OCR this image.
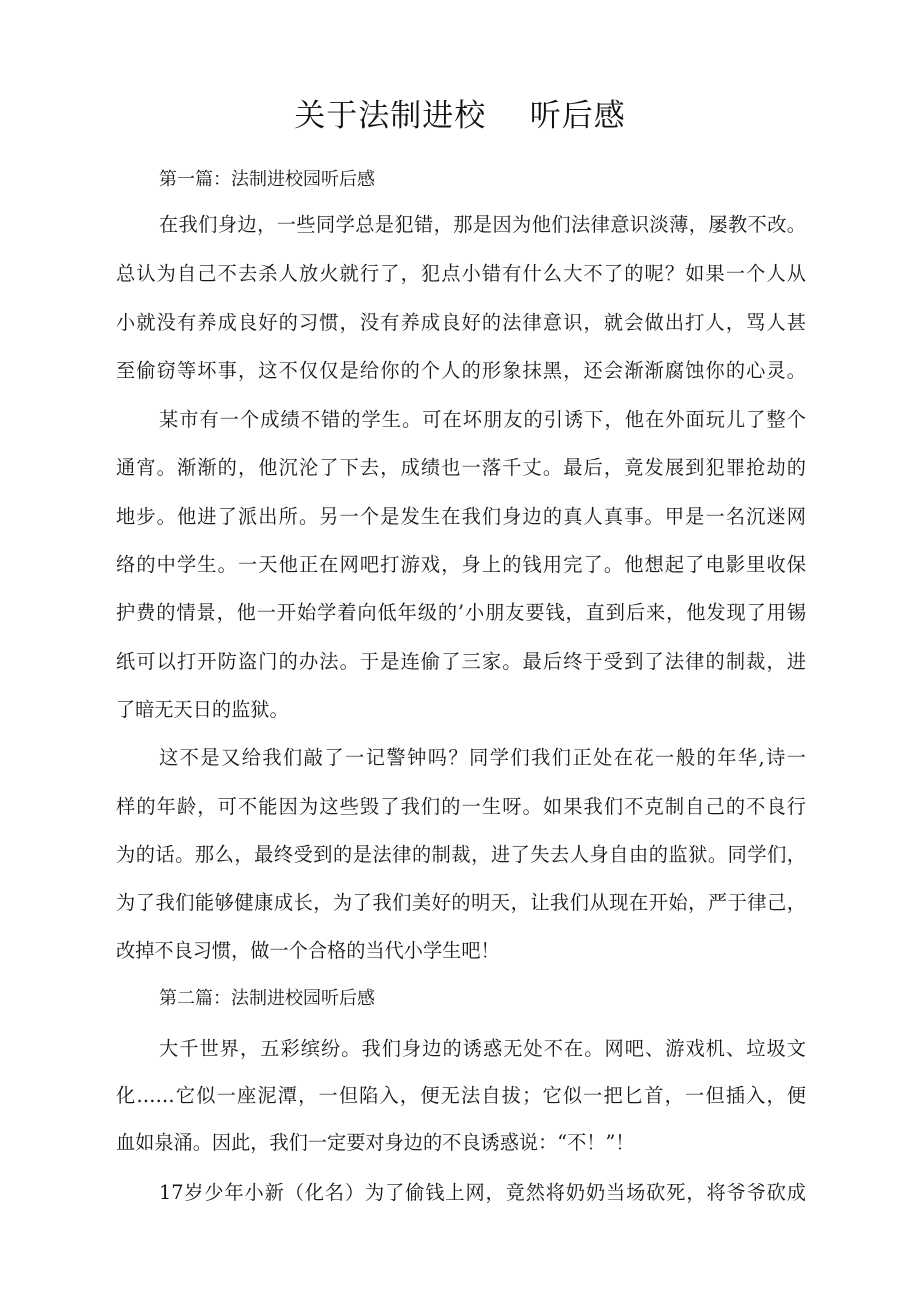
关于法制进校    听后感
第一篇：法制进校园听后感
在我们身边，一些同学总是犯错，那是因为他们法律意识淡薄，屡教不改。
总认为自己不去杀人放火就行了，犯点小错有什么大不了的呢？如果一个人从
小就没有养成良好的习惯，没有养成良好的法律意识，就会做出打人，骂人甚
至偷窃等坏事，这不仅仅是给你的个人的形象抹黑，还会渐渐腐蚀你的心灵。
某市有一个成绩不错的学生。可在坏朋友的引诱下，他在外面玩儿了整个
通宵。渐渐的，他沉沦了下去，成绩也一落千丈。最后，竟发展到犯罪抢劫的
地步。他进了派出所。另一个是发生在我们身边的真人真事。甲是一名沉迷网
络的中学生。一天他正在网吧打游戏，身上的钱用完了。他想起了电影里收保
护费的情景，他一开始学着向低年级的’小朋友要钱，直到后来，他发现了用锡
纸可以打开防盗门的办法。于是连偷了三家。最后终于受到了法律的制裁，进
了暗无天日的监狱。
这不是又给我们敲了一记警钟吗？同学们我们正处在花一般的年华,诗一
样的年龄，可不能因为这些毁了我们的一生呀。如果我们不克制自己的不良行
为的话。那么，最终受到的是法律的制裁，进了失去人身自由的监狱。同学们，
为了我们能够健康成长，为了我们美好的明天，让我们从现在开始，严于律己，
改掉不良习惯，做一个合格的当代小学生吧！
第二篇：法制进校园听后感
大千世界，五彩缤纷。我们身边的诱惑无处不在。网吧、游戏机、垃圾文
化……它似一座泥潭，一但陷入，便无法自拔；它似一把匕首，一但插入，便
血如泉涌。因此，我们一定要对身边的不良诱惑说：“不！”！
17岁少年小新（化名）为了偷钱上网，竟然将奶奶当场砍死，将爷爷砍成
